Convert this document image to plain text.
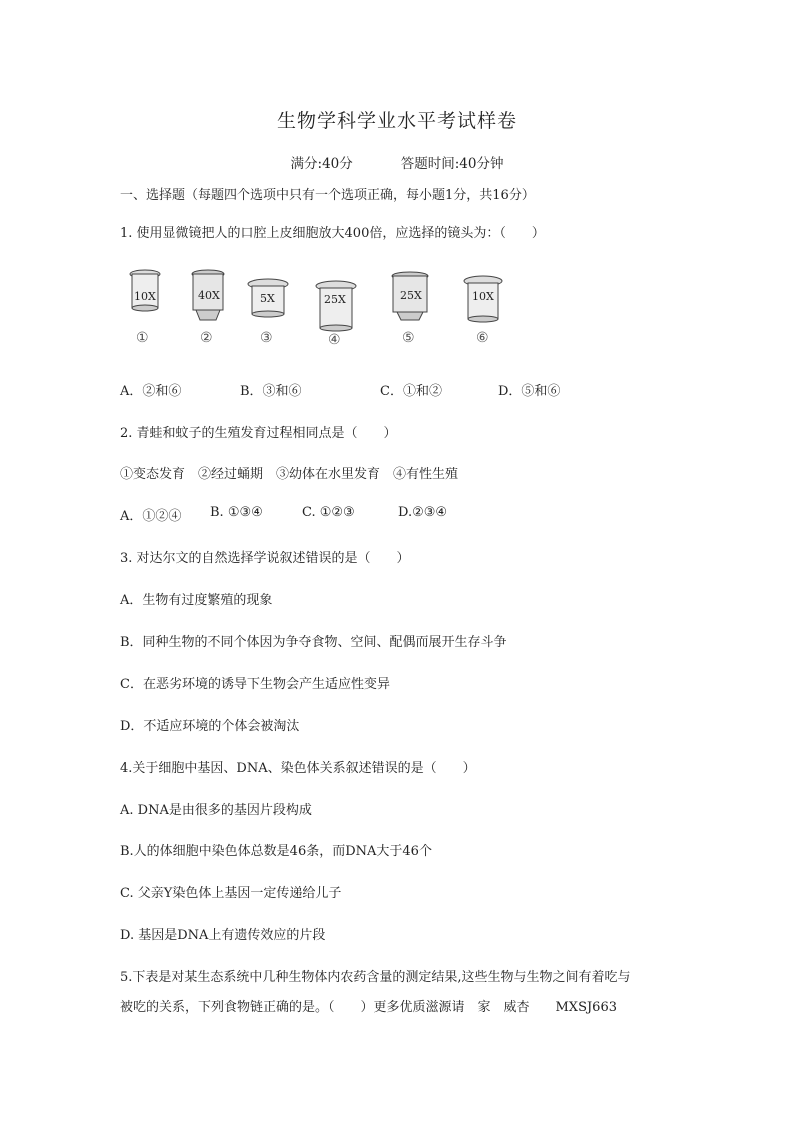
生物学科学业水平考试样卷
满分:40分	答题时间:40分钟
一、选择题（每题四个选项中只有一个选项正确，每小题1分，共16分）
1. 使用显微镜把人的口腔上皮细胞放大400倍，应选择的镜头为：（　　）
10X	40X	5X	25X	25X	10X
①	②	③	④	⑤	⑥
A．②和⑥	B．③和⑥	C．①和②	D．⑤和⑥
2. 青蛙和蚊子的生殖发育过程相同点是（　　）
①变态发育　②经过蛹期　③幼体在水里发育　④有性生殖
A．①②④ B. ①③④	C. ①②③	D.②③④
3. 对达尔文的自然选择学说叙述错误的是（　　）
A．生物有过度繁殖的现象
B．同种生物的不同个体因为争夺食物、空间、配偶而展开生存斗争
C．在恶劣环境的诱导下生物会产生适应性变异
D．不适应环境的个体会被淘汰
4.关于细胞中基因、DNA、染色体关系叙述错误的是（　　）
A. DNA是由很多的基因片段构成
B.人的体细胞中染色体总数是46条，而DNA大于46个
C. 父亲Y染色体上基因一定传递给儿子
D. 基因是DNA上有遗传效应的片段
5.下表是对某生态系统中几种生物体内农药含量的测定结果,这些生物与生物之间有着吃与
被吃的关系，下列食物链正确的是。（　　）更多优质滋源请　家　威杏　　MXSJ663
